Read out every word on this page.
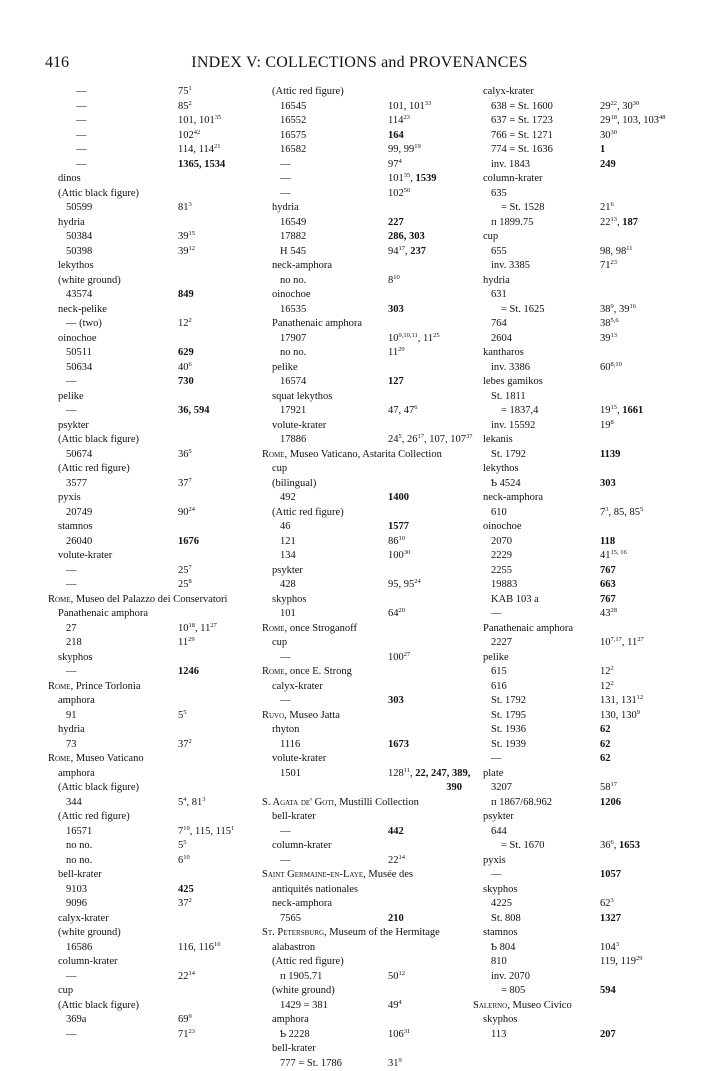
416	INDEX V: COLLECTIONS and PROVENANCES
—	$75^1$
—	$85^2$
—	101, $101^{35}$
—	$102^{42}$
—	114, $114^{21}$
—	1365, 1534
dinos
(Attic black figure)
50599	$81^3$
hydria
50384	$39^{15}$
50398	$39^{12}$
lekythos
(white ground)
43574	849
neck-pelike
— (two)	$12^2$
oinochoe
50511	629
50634	$40^6$
—	730
pelike
—	36, 594
psykter
(Attic black figure)
50674	$36^5$
(Attic red figure)
3577	$37^7$
pyxis
20749	$90^{24}$
stamnos
26040	1676
volute-krater
—	$25^7$
—	$25^8$
Rome, Museo del Palazzo dei Conservatori
Panathenaic amphora
27	$10^{18}$, $11^{27}$
218	$11^{29}$
skyphos
—	1246
Rome, Prince Torlonia
amphora
91	$5^5$
hydria
73	$37^2$
Rome, Museo Vaticano
amphora
(Attic black figure)
344	$5^4$, $81^3$
(Attic red figure)
16571	$7^{19}$, 115, $115^1$
no no.	$5^5$
no no.	$6^{10}$
bell-krater
9103	425
9096	$37^2$
calyx-krater
(white ground)
16586	116, $116^{10}$
column-krater
—	$22^{14}$
cup
(Attic black figure)
369a	$69^9$
—	$71^{23}$
(Attic red figure)
16545	101, $101^{33}$
16552	$114^{23}$
16575	164
16582	99, $99^{19}$
—	$97^4$
—	$101^{35}$, 1539
—	$102^{50}$
hydria
16549	227
17882	286, 303
H 545	$94^{17}$, 237
neck-amphora
no no.	$8^{10}$
oinochoe
16535	303
Panathenaic amphora
17907	10$^{9,10,11}$, $11^{25}$
no no.	$11^{29}$
pelike
16574	127
squat lekythos
17921	47, $47^6$
volute-krater
17886	$24^5$, $26^{17}$, 107, $107^{37}$
Rome, Museo Vaticano, Astarita Collection
cup
(bilingual)
492	1400
(Attic red figure)
46	1577
121	$86^{10}$
134	$100^{30}$
psykter
428	95, $95^{24}$
skyphos
101	$64^{20}$
Rome, once Stroganoff
cup
—	$100^{27}$
Rome, once E. Strong
calyx-krater
—	303
Ruvo, Museo Jatta
rhyton
1116	1673
volute-krater
1501	$128^{11}$, 22, 247, 389,
390
S. Agata de' Goti, Mustilli Collection
bell-krater
—	442
column-krater
—	$22^{14}$
Saint Germaine-en-Laye, Musée des
antiquités nationales
neck-amphora
7565	210
St. Petersburg, Museum of the Hermitage
alabastron
(Attic red figure)
п 1905.71	$50^{12}$
(white ground)
1429 = 381	$49^4$
amphora
Ƅ 2228	$106^{31}$
bell-krater
777 = St. 1786	$31^9$
calyx-krater
638 = St. 1600	$29^{22}$, $30^{30}$
637 = St. 1723	$29^{18}$, 103, $103^{48}$
766 = St. 1271	$30^{30}$
774 = St. 1636	1
inv. 1843	249
column-krater
635
= St. 1528	$21^6$
п 1899.75	$22^{13}$, 187
cup
655	98, $98^{11}$
inv. 3385	$71^{23}$
hydria
631
= St. 1625	$38^9$, $39^{16}$
764	38$^{5,6}$
2604	$39^{13}$
kantharos
inv. 3386	60$^{8,10}$
lebes gamikos
St. 1811
= 1837,4	$19^{15}$, 1661
inv. 15592	$19^8$
lekanis
St. 1792	1139
lekythos
Ƅ 4524	303
neck-amphora
610	$7^3$, 85, $85^5$
oinochoe
2070	118
2229	41$^{15, 16}$
2255	767
19883	663
KAB 103 a	767
—	$43^{28}$
Panathenaic amphora
2227	10$^{7,17}$, $11^{27}$
pelike
615	$12^2$
616	$12^2$
St. 1792	131, $131^{12}$
St. 1795	130, $130^9$
St. 1936	62
St. 1939	62
—	62
plate
3207	$58^{17}$
п 1867/68.962	1206
psykter
644
= St. 1670	$36^6$, 1653
pyxis
—	1057
skyphos
4225	$62^3$
St. 808	1327
stamnos
Ƅ 804	$104^3$
810	119, $119^{29}$
inv. 2070
= 805	594
Salerno, Museo Civico
skyphos
113	207
